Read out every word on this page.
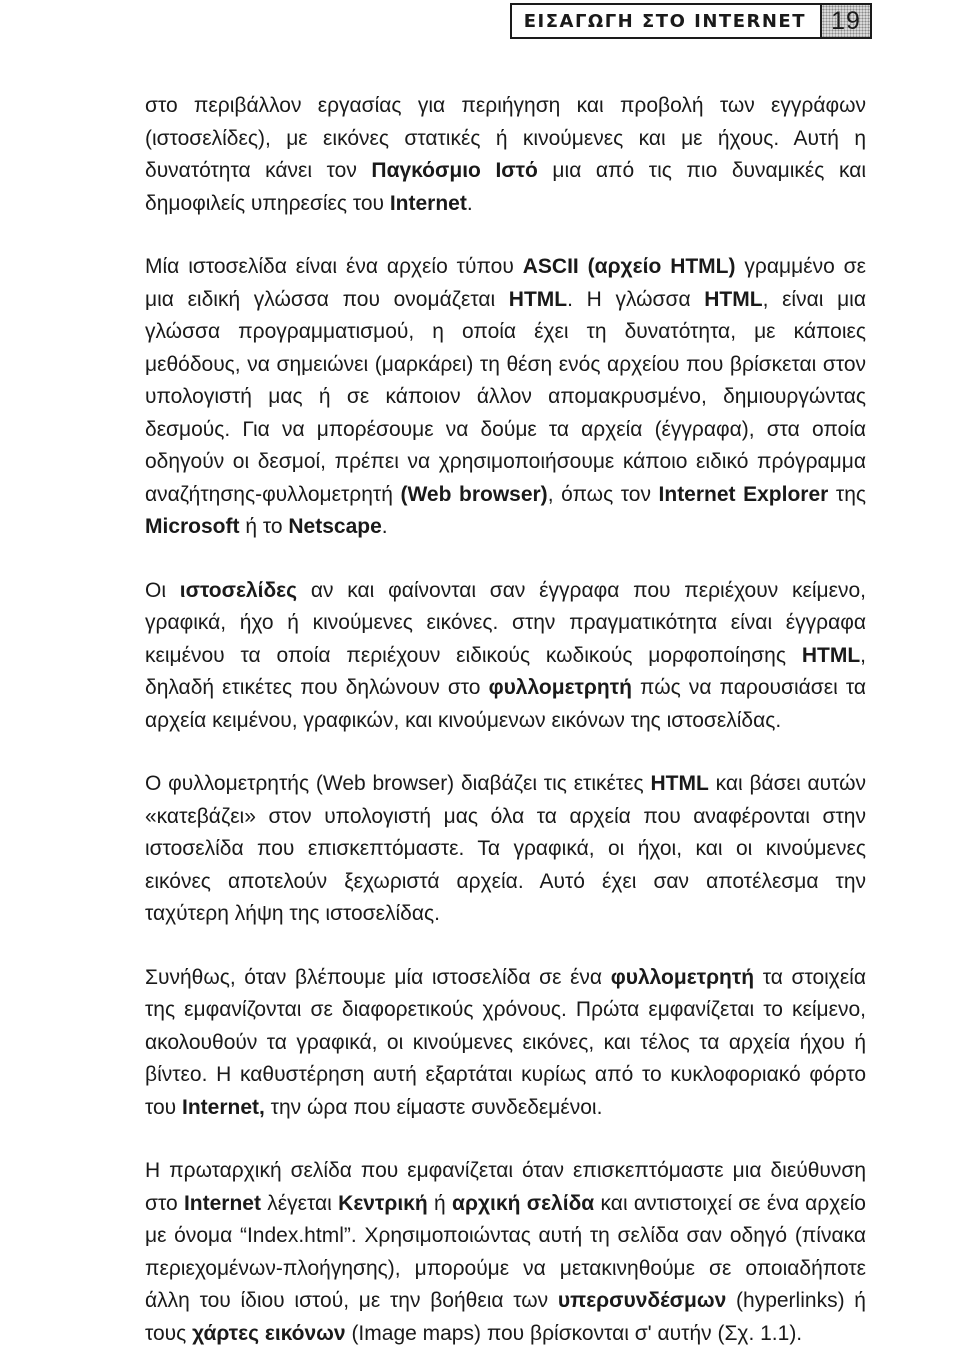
ΕΙΣΑΓΩΓΗ ΣΤΟ INTERNET	19

στο περιβάλλον εργασίας για περιήγηση και προβολή των εγγράφων (ιστοσελίδες), με εικόνες στατικές ή κινούμενες και με ήχους. Αυτή η δυνατότητα κάνει τον Παγκόσμιο Ιστό μια από τις πιο δυναμικές και δημοφιλείς υπηρεσίες του Internet.

Μία ιστοσελίδα είναι ένα αρχείο τύπου ASCII (αρχείο HTML) γραμμένο σε μια ειδική γλώσσα που ονομάζεται HTML. Η γλώσσα HTML, είναι μια γλώσσα προγραμματισμού, η οποία έχει τη δυνατότητα, με κάποιες μεθόδους, να σημειώνει (μαρκάρει) τη θέση ενός αρχείου που βρίσκεται στον υπολογιστή μας ή σε κάποιον άλλον απομακρυσμένο, δημιουργώντας δεσμούς. Για να μπορέσουμε να δούμε τα αρχεία (έγγραφα), στα οποία οδηγούν οι δεσμοί, πρέπει να χρησιμοποιήσουμε κάποιο ειδικό πρόγραμμα αναζήτησης-φυλλομετρητή (Web browser), όπως τον Internet Explorer της Microsoft ή το Netscape.

Οι ιστοσελίδες αν και φαίνονται σαν έγγραφα που περιέχουν κείμενο, γραφικά, ήχο ή κινούμενες εικόνες. στην πραγματικότητα είναι έγγραφα κειμένου τα οποία περιέχουν ειδικούς κωδικούς μορφοποίησης HTML, δηλαδή ετικέτες που δηλώνουν στο φυλλομετρητή πώς να παρουσιάσει τα αρχεία κειμένου, γραφικών, και κινούμενων εικόνων της ιστοσελίδας.

Ο φυλλομετρητής (Web browser) διαβάζει τις ετικέτες HTML και βάσει αυτών «κατεβάζει» στον υπολογιστή μας όλα τα αρχεία που αναφέρονται στην ιστοσελίδα που επισκεπτόμαστε. Τα γραφικά, οι ήχοι, και οι κινούμενες εικόνες αποτελούν ξεχωριστά αρχεία. Αυτό έχει σαν αποτέλεσμα την ταχύτερη λήψη της ιστοσελίδας.

Συνήθως, όταν βλέπουμε μία ιστοσελίδα σε ένα φυλλομετρητή τα στοιχεία της εμφανίζονται σε διαφορετικούς χρόνους. Πρώτα εμφανίζεται το κείμενο, ακολουθούν τα γραφικά, οι κινούμενες εικόνες, και τέλος τα αρχεία ήχου ή βίντεο. Η καθυστέρηση αυτή εξαρτάται κυρίως από το κυκλοφοριακό φόρτο του Internet, την ώρα που είμαστε συνδεδεμένοι.

Η πρωταρχική σελίδα που εμφανίζεται όταν επισκεπτόμαστε μια διεύθυνση στο Internet λέγεται Κεντρική ή αρχική σελίδα και αντιστοιχεί σε ένα αρχείο με όνομα “Index.html”. Χρησιμοποιώντας αυτή τη σελίδα σαν οδηγό (πίνακα περιεχομένων-πλοήγησης), μπορούμε να μετακινηθούμε σε οποιαδήποτε άλλη του ίδιου ιστού, με την βοήθεια των υπερσυνδέσμων (hyperlinks) ή τους χάρτες εικόνων (Image maps) που βρίσκονται σ' αυτήν (Σχ. 1.1).
